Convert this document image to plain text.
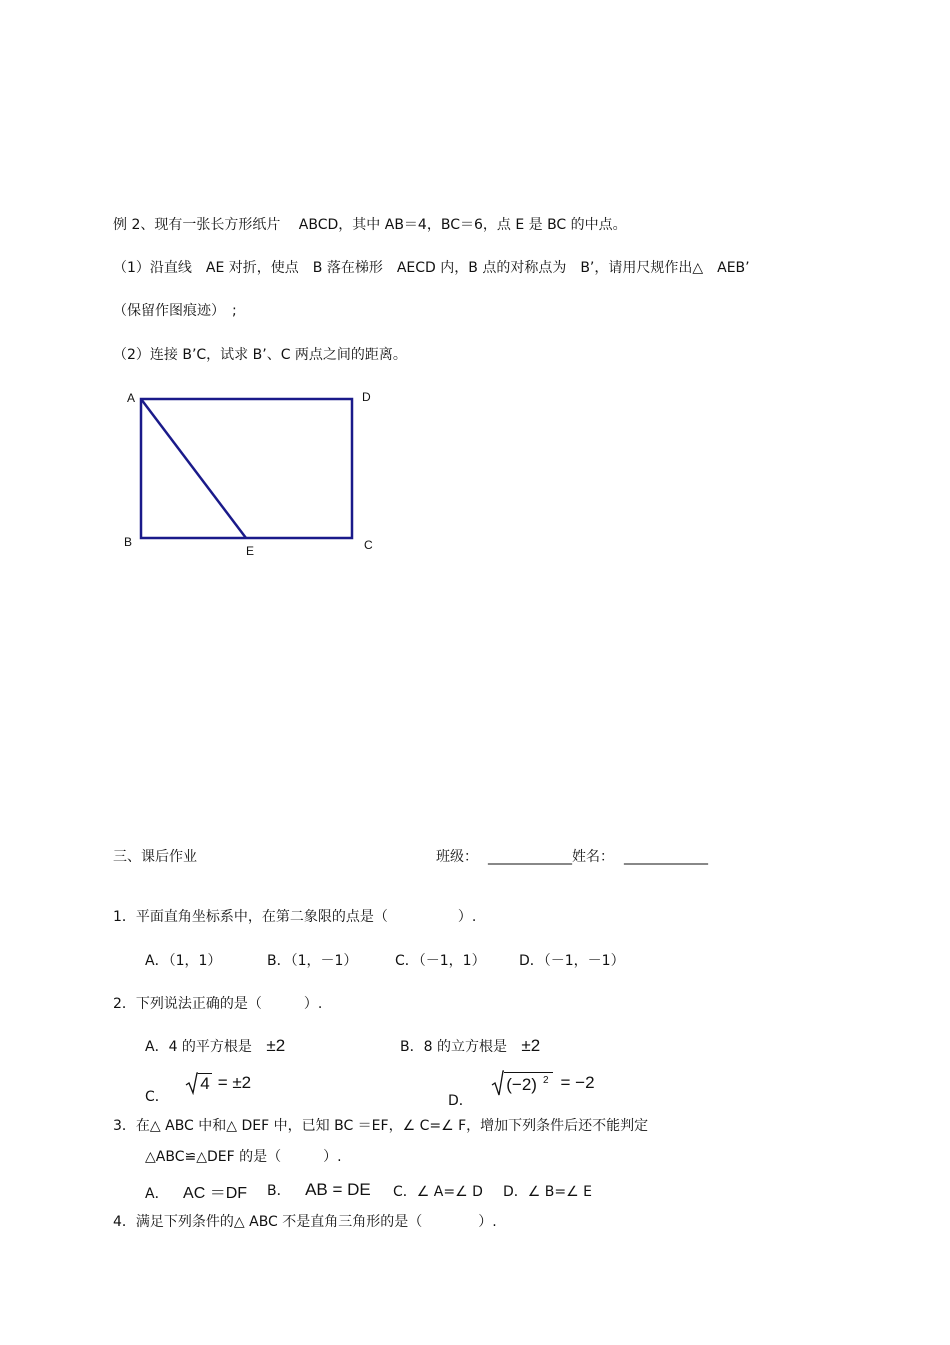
例 2、现有一张长方形纸片　 ABCD，其中 AB＝4，BC＝6，点 E 是 BC 的中点。
（1）沿直线　AE 对折，使点　B 落在梯形　AECD 内，B 点的对称点为　B’，请用尺规作出△　AEB’
（保留作图痕迹）　;
（2）连接 B’C，试求 B’、C 两点之间的距离。
A	D
B
E	C
三、课后作业	班级： ____________姓名： ____________
1．平面直角坐标系中，在第二象限的点是（　　　　　）.
A．（1，1）	B．（1，－1）	C．（－1，1） D．（－1，－1）
2．下列说法正确的是（　　　）.
A．4 的平方根是 ±2	B．8 的立方根是 ±2
C．
4 = ±2
D．
(−2) $^2$ = −2
3．在△ ABC 中和△ DEF 中，已知 BC ＝EF，∠ C=∠ F，增加下列条件后还不能判定
△ABC≌△DEF 的是（　　　）.
A． AC ＝DF B． AB = DE C．∠ A=∠ D D．∠ B=∠ E
4．满足下列条件的△ ABC 不是直角三角形的是（　　　　）.
